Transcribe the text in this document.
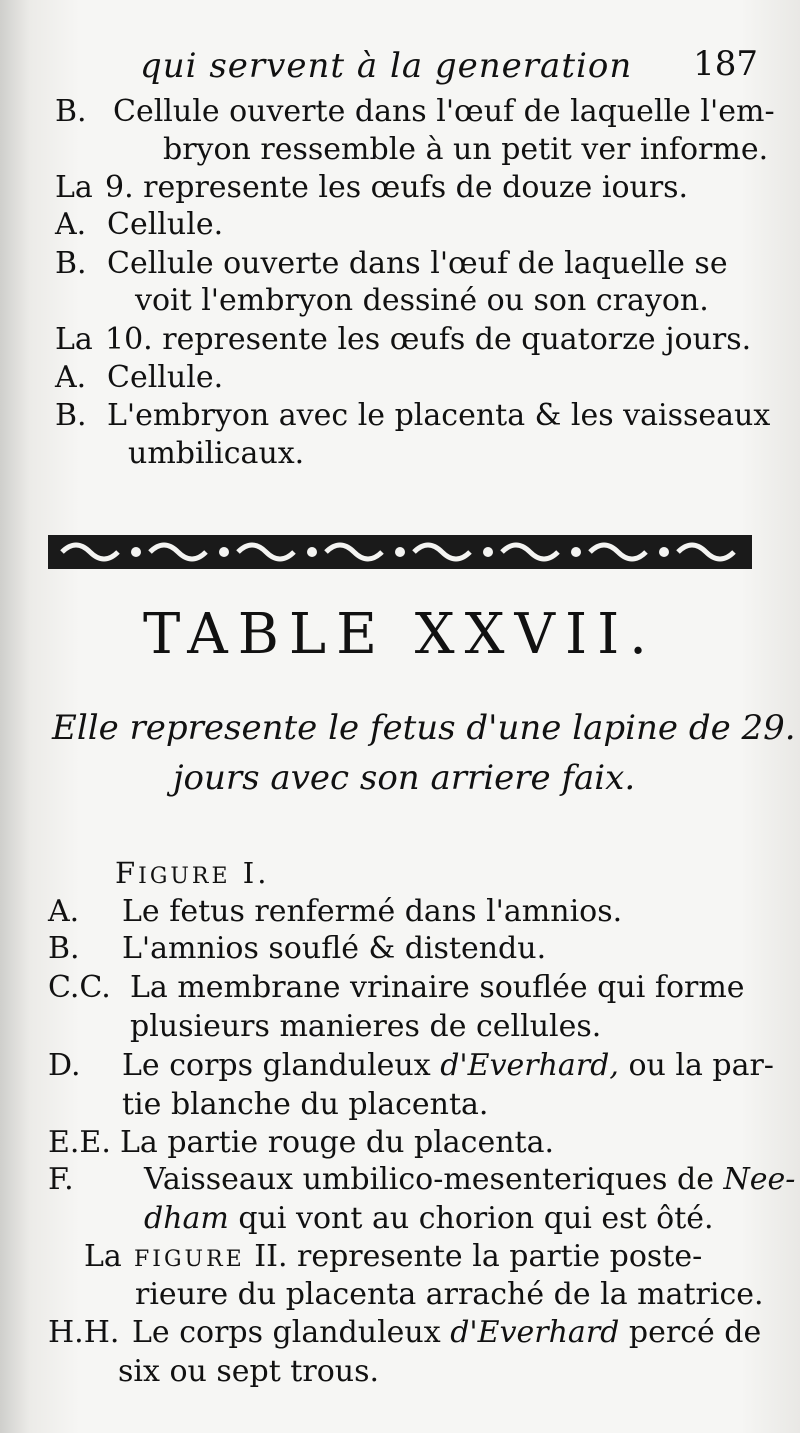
qui servent à la generation 187
B. Cellule ouverte dans l'œuf de laquelle l'em-
bryon ressemble à un petit ver informe.
La 9. represente les œufs de douze iours.
A. Cellule.
B. Cellule ouverte dans l'œuf de laquelle se
voit l'embryon dessiné ou son crayon.
La 10. represente les œufs de quatorze jours.
A. Cellule.
B. L'embryon avec le placenta & les vaisseaux
umbilicaux.
TABLE XXVII.
Elle represente le fetus d'une lapine de 29.
jours avec son arriere faix.
FIGURE I.
A. Le fetus renfermé dans l'amnios.
B. L'amnios souflé & distendu.
C.C. La membrane vrinaire souflée qui forme
plusieurs manieres de cellules.
D. Le corps glanduleux d'Everhard, ou la par-
tie blanche du placenta.
E.E. La partie rouge du placenta.
F. Vaisseaux umbilico-mesenteriques de Nee-
dham qui vont au chorion qui est ôté.
La FIGURE II. represente la partie poste-
rieure du placenta arraché de la matrice.
H.H. Le corps glanduleux d'Everhard percé de
six ou sept trous.
